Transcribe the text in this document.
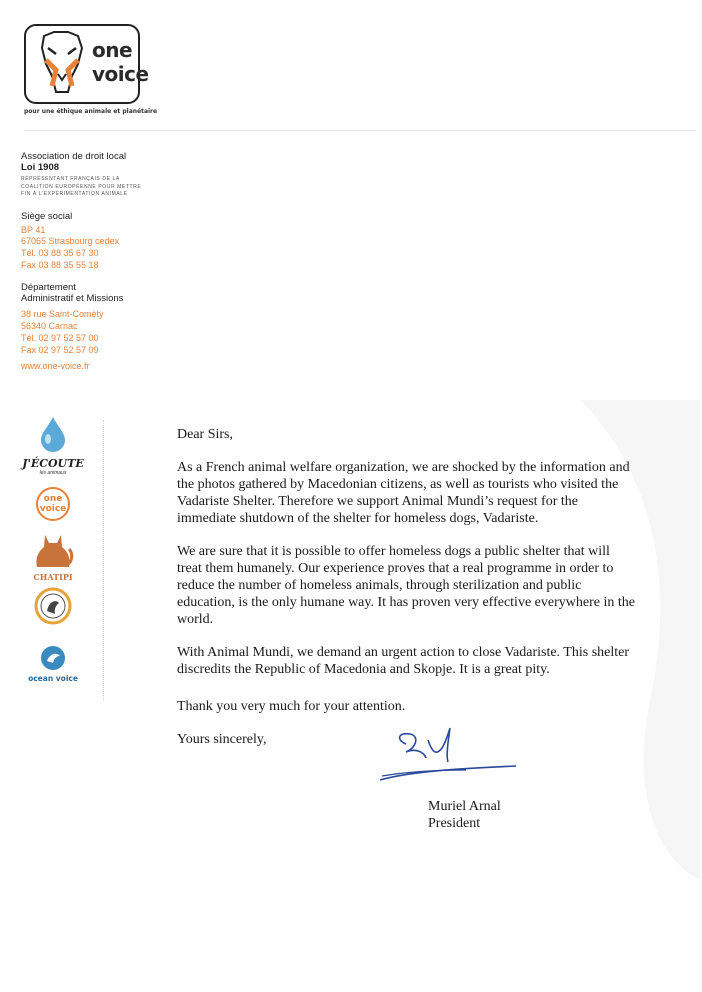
one
voice
pour une éthique animale et planétaire
Association de droit local
Loi 1908
REPRÉSENTANT FRANÇAIS DE LA
COALITION EUROPÉENNE POUR METTRE
FIN À L'EXPÉRIMENTATION ANIMALE
Siège social
BP 41
67065 Strasbourg cedex
Tél. 03 88 35 67 30
Fax 03 88 35 55 18
Département
Administratif et Missions
38 rue Saint-Cométy
56340 Carnac
Tél. 02 97 52 57 00
Fax 02 97 52 57 09
www.one-voice.fr
J'ÉCOUTE
les animaux
one
voice
CHATIPI
ocean voice

Dear Sirs,

As a French animal welfare organization, we are shocked by the information and the photos gathered by Macedonian citizens, as well as tourists who visited the Vadariste Shelter. Therefore we support Animal Mundi’s request for the immediate shutdown of the shelter for homeless dogs, Vadariste.

We are sure that it is possible to offer homeless dogs a public shelter that will treat them humanely. Our experience proves that a real programme in order to reduce the number of homeless animals, through sterilization and public education, is the only humane way. It has proven very effective everywhere in the world.

With Animal Mundi, we demand an urgent action to close Vadariste. This shelter discredits the Republic of Macedonia and Skopje. It is a great pity.

Thank you very much for your attention.

Yours sincerely,

Muriel Arnal
President
